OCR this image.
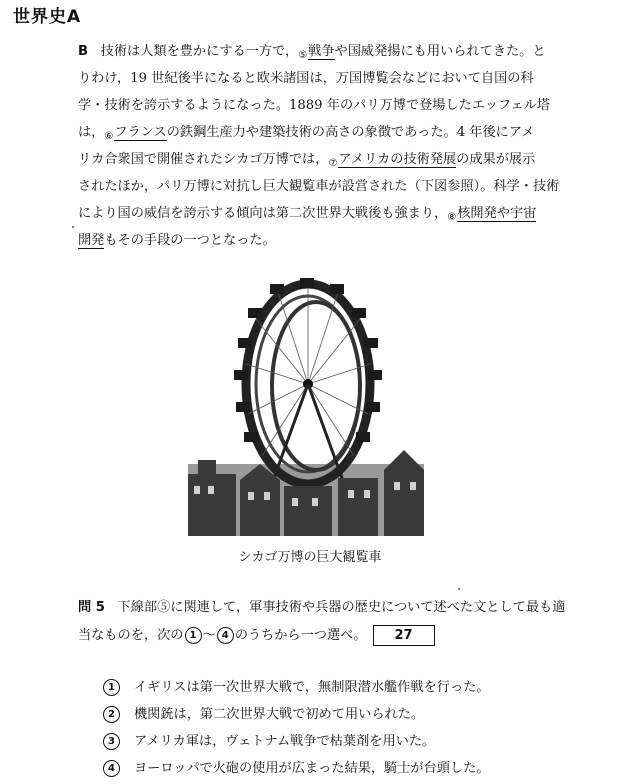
世界史A
B 技術は人類を豊かにする一方で，$_⑤$戦争や国威発揚にも用いられてきた。と
りわけ，19 世紀後半になると欧米諸国は，万国博覧会などにおいて自国の科
学・技術を誇示するようになった。1889 年のパリ万博で登場したエッフェル塔
は，$_⑥$フランスの鉄鋼生産力や建築技術の高さの象徴であった。4 年後にアメ
リカ合衆国で開催されたシカゴ万博では，$_⑦$アメリカの技術発展の成果が展示
されたほか，パリ万博に対抗し巨大観覧車が設営された（下図参照）。科学・技術
により国の威信を誇示する傾向は第二次世界大戦後も強まり，$_⑧$核開発や宇宙
開発もその手段の一つとなった。
シカゴ万博の巨大観覧車
問 5 下線部⑤に関連して，軍事技術や兵器の歴史について述べた文として最も適
当なものを，次の 1 〜 4 のうちから一つ選べ。 27
1 イギリスは第一次世界大戦で，無制限潜水艦作戦を行った。
2 機関銃は，第二次世界大戦で初めて用いられた。
3 アメリカ軍は，ヴェトナム戦争で枯葉剤を用いた。
4 ヨーロッパで火砲の使用が広まった結果，騎士が台頭した。
